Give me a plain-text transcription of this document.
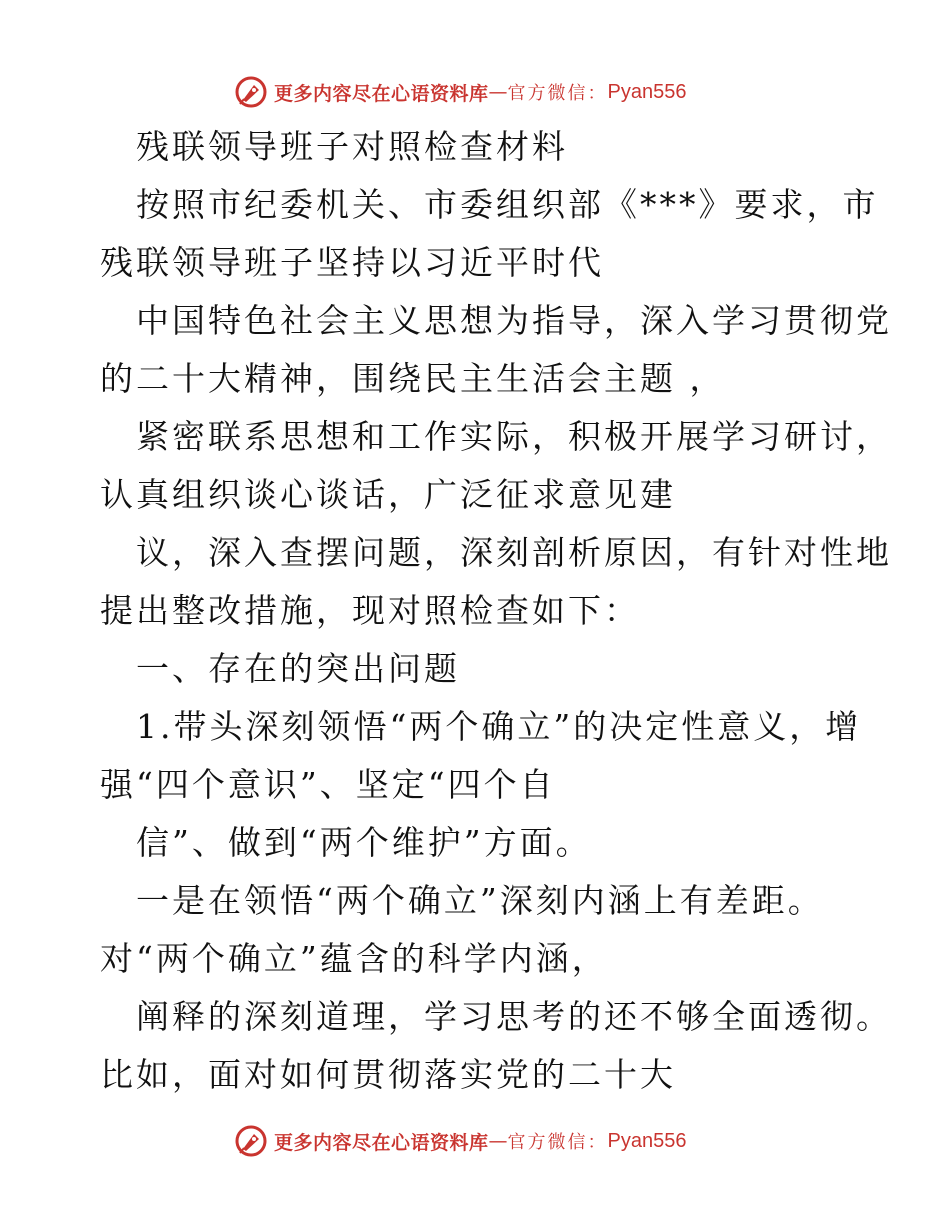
更多内容尽在心语资料库 — 官方微信： Pyan556
残联领导班子对照检查材料
按照市纪委机关、市委组织部《***》要求，市
残联领导班子坚持以习近平时代
中国特色社会主义思想为指导，深入学习贯彻党
的二十大精神，围绕民主生活会主题 ，
紧密联系思想和工作实际，积极开展学习研讨，
认真组织谈心谈话，广泛征求意见建
议，深入查摆问题，深刻剖析原因，有针对性地
提出整改措施，现对照检查如下：
一、存在的突出问题
1.带头深刻领悟“两个确立”的决定性意义，增
强“四个意识”、坚定“四个自
信”、做到“两个维护”方面。
一是在领悟“两个确立”深刻内涵上有差距。
对“两个确立”蕴含的科学内涵，
阐释的深刻道理，学习思考的还不够全面透彻。
比如，面对如何贯彻落实党的二十大
更多内容尽在心语资料库 — 官方微信： Pyan556
